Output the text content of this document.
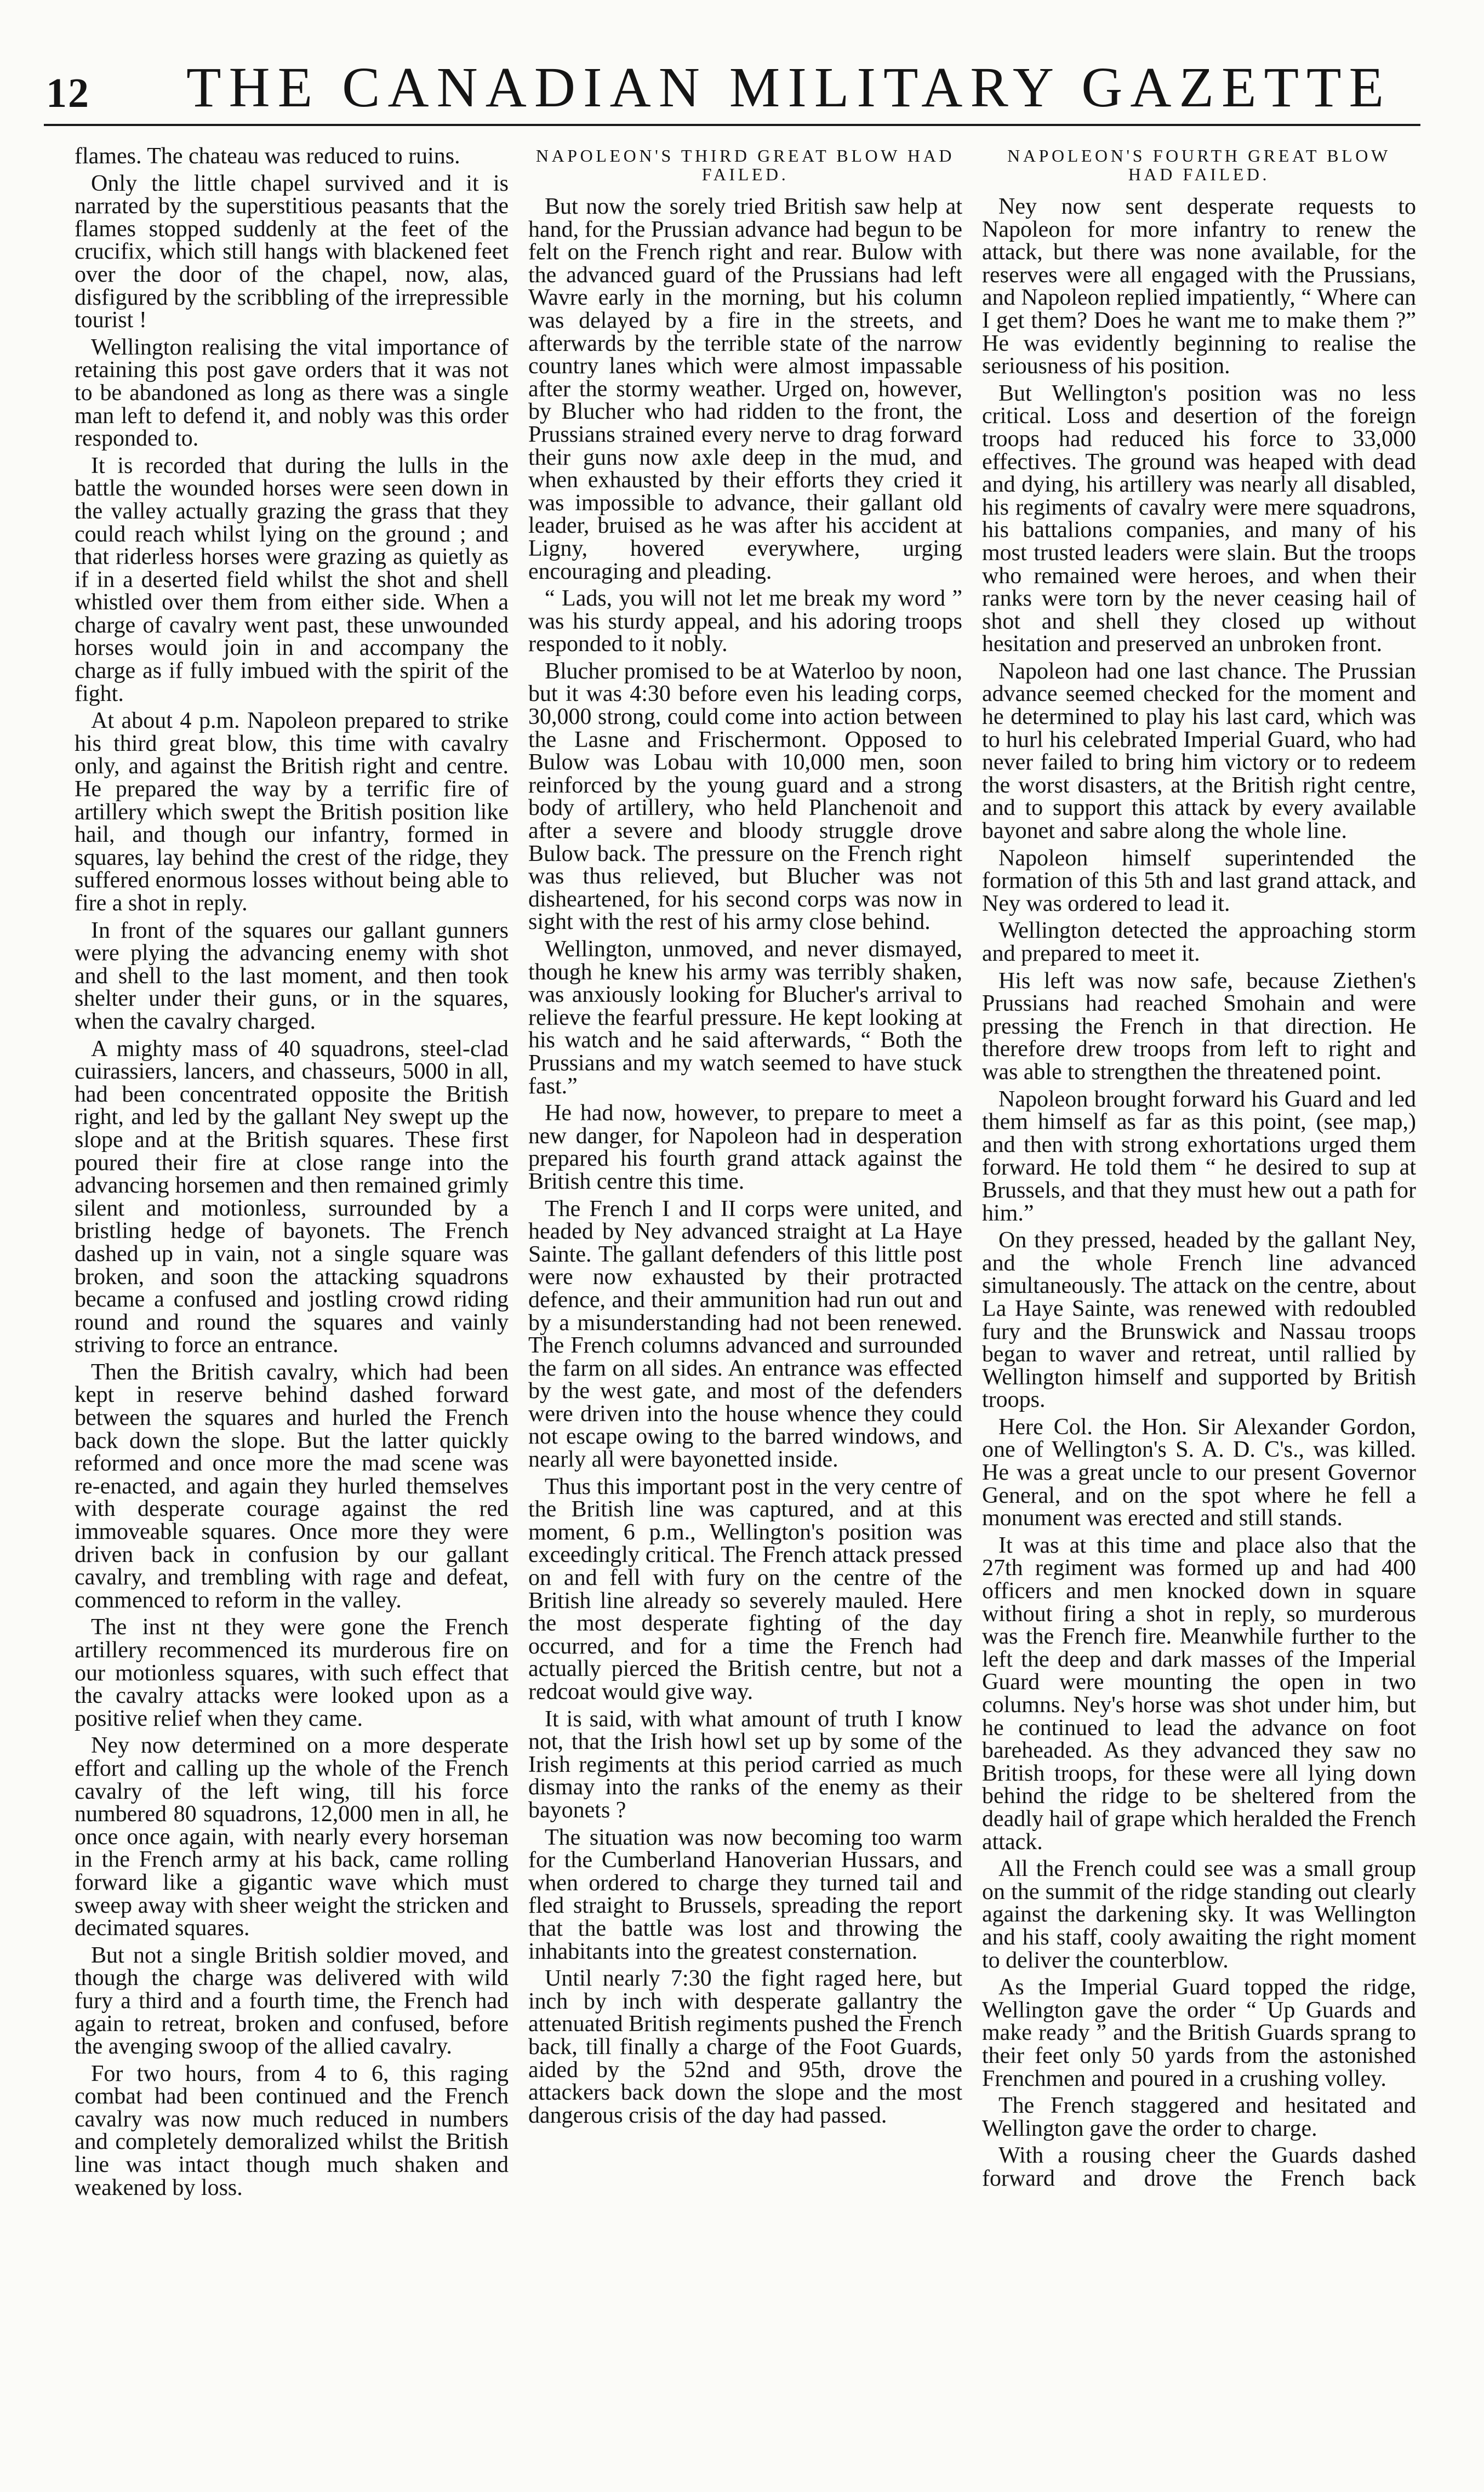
12 THE CANADIAN MILITARY GAZETTE

flames. The chateau was reduced to ruins.

Only the little chapel survived and it is narrated by the superstitious peasants that the flames stopped suddenly at the feet of the crucifix, which still hangs with blackened feet over the door of the chapel, now, alas, disfigured by the scribbling of the irrepressible tourist !

Wellington realising the vital importance of retaining this post gave orders that it was not to be abandoned as long as there was a single man left to defend it, and nobly was this order responded to.

It is recorded that during the lulls in the battle the wounded horses were seen down in the valley actually grazing the grass that they could reach whilst lying on the ground ; and that riderless horses were grazing as quietly as if in a deserted field whilst the shot and shell whistled over them from either side. When a charge of cavalry went past, these unwounded horses would join in and accompany the charge as if fully imbued with the spirit of the fight.

At about 4 p.m. Napoleon prepared to strike his third great blow, this time with cavalry only, and against the British right and centre. He prepared the way by a terrific fire of artillery which swept the British position like hail, and though our infantry, formed in squares, lay behind the crest of the ridge, they suffered enormous losses without being able to fire a shot in reply.

In front of the squares our gallant gunners were plying the advancing enemy with shot and shell to the last moment, and then took shelter under their guns, or in the squares, when the cavalry charged.

A mighty mass of 40 squadrons, steel-clad cuirassiers, lancers, and chasseurs, 5000 in all, had been concentrated opposite the British right, and led by the gallant Ney swept up the slope and at the British squares. These first poured their fire at close range into the advancing horsemen and then remained grimly silent and motionless, surrounded by a bristling hedge of bayonets. The French dashed up in vain, not a single square was broken, and soon the attacking squadrons became a confused and jostling crowd riding round and round the squares and vainly striving to force an entrance.

Then the British cavalry, which had been kept in reserve behind dashed forward between the squares and hurled the French back down the slope. But the latter quickly reformed and once more the mad scene was re-enacted, and again they hurled themselves with desperate courage against the red immoveable squares. Once more they were driven back in confusion by our gallant cavalry, and trembling with rage and defeat, commenced to reform in the valley.

The inst nt they were gone the French artillery recommenced its murderous fire on our motionless squares, with such effect that the cavalry attacks were looked upon as a positive relief when they came.

Ney now determined on a more desperate effort and calling up the whole of the French cavalry of the left wing, till his force numbered 80 squadrons, 12,000 men in all, he once once again, with nearly every horseman in the French army at his back, came rolling forward like a gigantic wave which must sweep away with sheer weight the stricken and decimated squares.

But not a single British soldier moved, and though the charge was delivered with wild fury a third and a fourth time, the French had again to retreat, broken and confused, before the avenging swoop of the allied cavalry.

For two hours, from 4 to 6, this raging combat had been continued and the French cavalry was now much reduced in numbers and completely demoralized whilst the British line was intact though much shaken and weakened by loss.

NAPOLEON'S THIRD GREAT BLOW HAD FAILED.

But now the sorely tried British saw help at hand, for the Prussian advance had begun to be felt on the French right and rear. Bulow with the advanced guard of the Prussians had left Wavre early in the morning, but his column was delayed by a fire in the streets, and afterwards by the terrible state of the narrow country lanes which were almost impassable after the stormy weather. Urged on, however, by Blucher who had ridden to the front, the Prussians strained every nerve to drag forward their guns now axle deep in the mud, and when exhausted by their efforts they cried it was impossible to advance, their gallant old leader, bruised as he was after his accident at Ligny, hovered everywhere, urging encouraging and pleading.

“ Lads, you will not let me break my word ” was his sturdy appeal, and his adoring troops responded to it nobly.

Blucher promised to be at Waterloo by noon, but it was 4:30 before even his leading corps, 30,000 strong, could come into action between the Lasne and Frischermont. Opposed to Bulow was Lobau with 10,000 men, soon reinforced by the young guard and a strong body of artillery, who held Planchenoit and after a severe and bloody struggle drove Bulow back. The pressure on the French right was thus relieved, but Blucher was not disheartened, for his second corps was now in sight with the rest of his army close behind.

Wellington, unmoved, and never dismayed, though he knew his army was terribly shaken, was anxiously looking for Blucher's arrival to relieve the fearful pressure. He kept looking at his watch and he said afterwards, “ Both the Prussians and my watch seemed to have stuck fast.”

He had now, however, to prepare to meet a new danger, for Napoleon had in desperation prepared his fourth grand attack against the British centre this time.

The French I and II corps were united, and headed by Ney advanced straight at La Haye Sainte. The gallant defenders of this little post were now exhausted by their protracted defence, and their ammunition had run out and by a misunderstanding had not been renewed. The French columns advanced and surrounded the farm on all sides. An entrance was effected by the west gate, and most of the defenders were driven into the house whence they could not escape owing to the barred windows, and nearly all were bayonetted inside.

Thus this important post in the very centre of the British line was captured, and at this moment, 6 p.m., Wellington's position was exceedingly critical. The French attack pressed on and fell with fury on the centre of the British line already so severely mauled. Here the most desperate fighting of the day occurred, and for a time the French had actually pierced the British centre, but not a redcoat would give way.

It is said, with what amount of truth I know not, that the Irish howl set up by some of the Irish regiments at this period carried as much dismay into the ranks of the enemy as their bayonets ?

The situation was now becoming too warm for the Cumberland Hanoverian Hussars, and when ordered to charge they turned tail and fled straight to Brussels, spreading the report that the battle was lost and throwing the inhabitants into the greatest consternation.

Until nearly 7:30 the fight raged here, but inch by inch with desperate gallantry the attenuated British regiments pushed the French back, till finally a charge of the Foot Guards, aided by the 52nd and 95th, drove the attackers back down the slope and the most dangerous crisis of the day had passed.

NAPOLEON'S FOURTH GREAT BLOW HAD FAILED.

Ney now sent desperate requests to Napoleon for more infantry to renew the attack, but there was none available, for the reserves were all engaged with the Prussians, and Napoleon replied impatiently, “ Where can I get them? Does he want me to make them ?” He was evidently beginning to realise the seriousness of his position.

But Wellington's position was no less critical. Loss and desertion of the foreign troops had reduced his force to 33,000 effectives. The ground was heaped with dead and dying, his artillery was nearly all disabled, his regiments of cavalry were mere squadrons, his battalions companies, and many of his most trusted leaders were slain. But the troops who remained were heroes, and when their ranks were torn by the never ceasing hail of shot and shell they closed up without hesitation and preserved an unbroken front.

Napoleon had one last chance. The Prussian advance seemed checked for the moment and he determined to play his last card, which was to hurl his celebrated Imperial Guard, who had never failed to bring him victory or to redeem the worst disasters, at the British right centre, and to support this attack by every available bayonet and sabre along the whole line.

Napoleon himself superintended the formation of this 5th and last grand attack, and Ney was ordered to lead it.

Wellington detected the approaching storm and prepared to meet it.

His left was now safe, because Ziethen's Prussians had reached Smohain and were pressing the French in that direction. He therefore drew troops from left to right and was able to strengthen the threatened point.

Napoleon brought forward his Guard and led them himself as far as this point, (see map,) and then with strong exhortations urged them forward. He told them “ he desired to sup at Brussels, and that they must hew out a path for him.”

On they pressed, headed by the gallant Ney, and the whole French line advanced simultaneously. The attack on the centre, about La Haye Sainte, was renewed with redoubled fury and the Brunswick and Nassau troops began to waver and retreat, until rallied by Wellington himself and supported by British troops.

Here Col. the Hon. Sir Alexander Gordon, one of Wellington's S. A. D. C's., was killed. He was a great uncle to our present Governor General, and on the spot where he fell a monument was erected and still stands.

It was at this time and place also that the 27th regiment was formed up and had 400 officers and men knocked down in square without firing a shot in reply, so murderous was the French fire. Meanwhile further to the left the deep and dark masses of the Imperial Guard were mounting the open in two columns. Ney's horse was shot under him, but he continued to lead the advance on foot bareheaded. As they advanced they saw no British troops, for these were all lying down behind the ridge to be sheltered from the deadly hail of grape which heralded the French attack.

All the French could see was a small group on the summit of the ridge standing out clearly against the darkening sky. It was Wellington and his staff, cooly awaiting the right moment to deliver the counterblow.

As the Imperial Guard topped the ridge, Wellington gave the order “ Up Guards and make ready ” and the British Guards sprang to their feet only 50 yards from the astonished Frenchmen and poured in a crushing volley.

The French staggered and hesitated and Wellington gave the order to charge.

With a rousing cheer the Guards dashed forward and drove the French back
